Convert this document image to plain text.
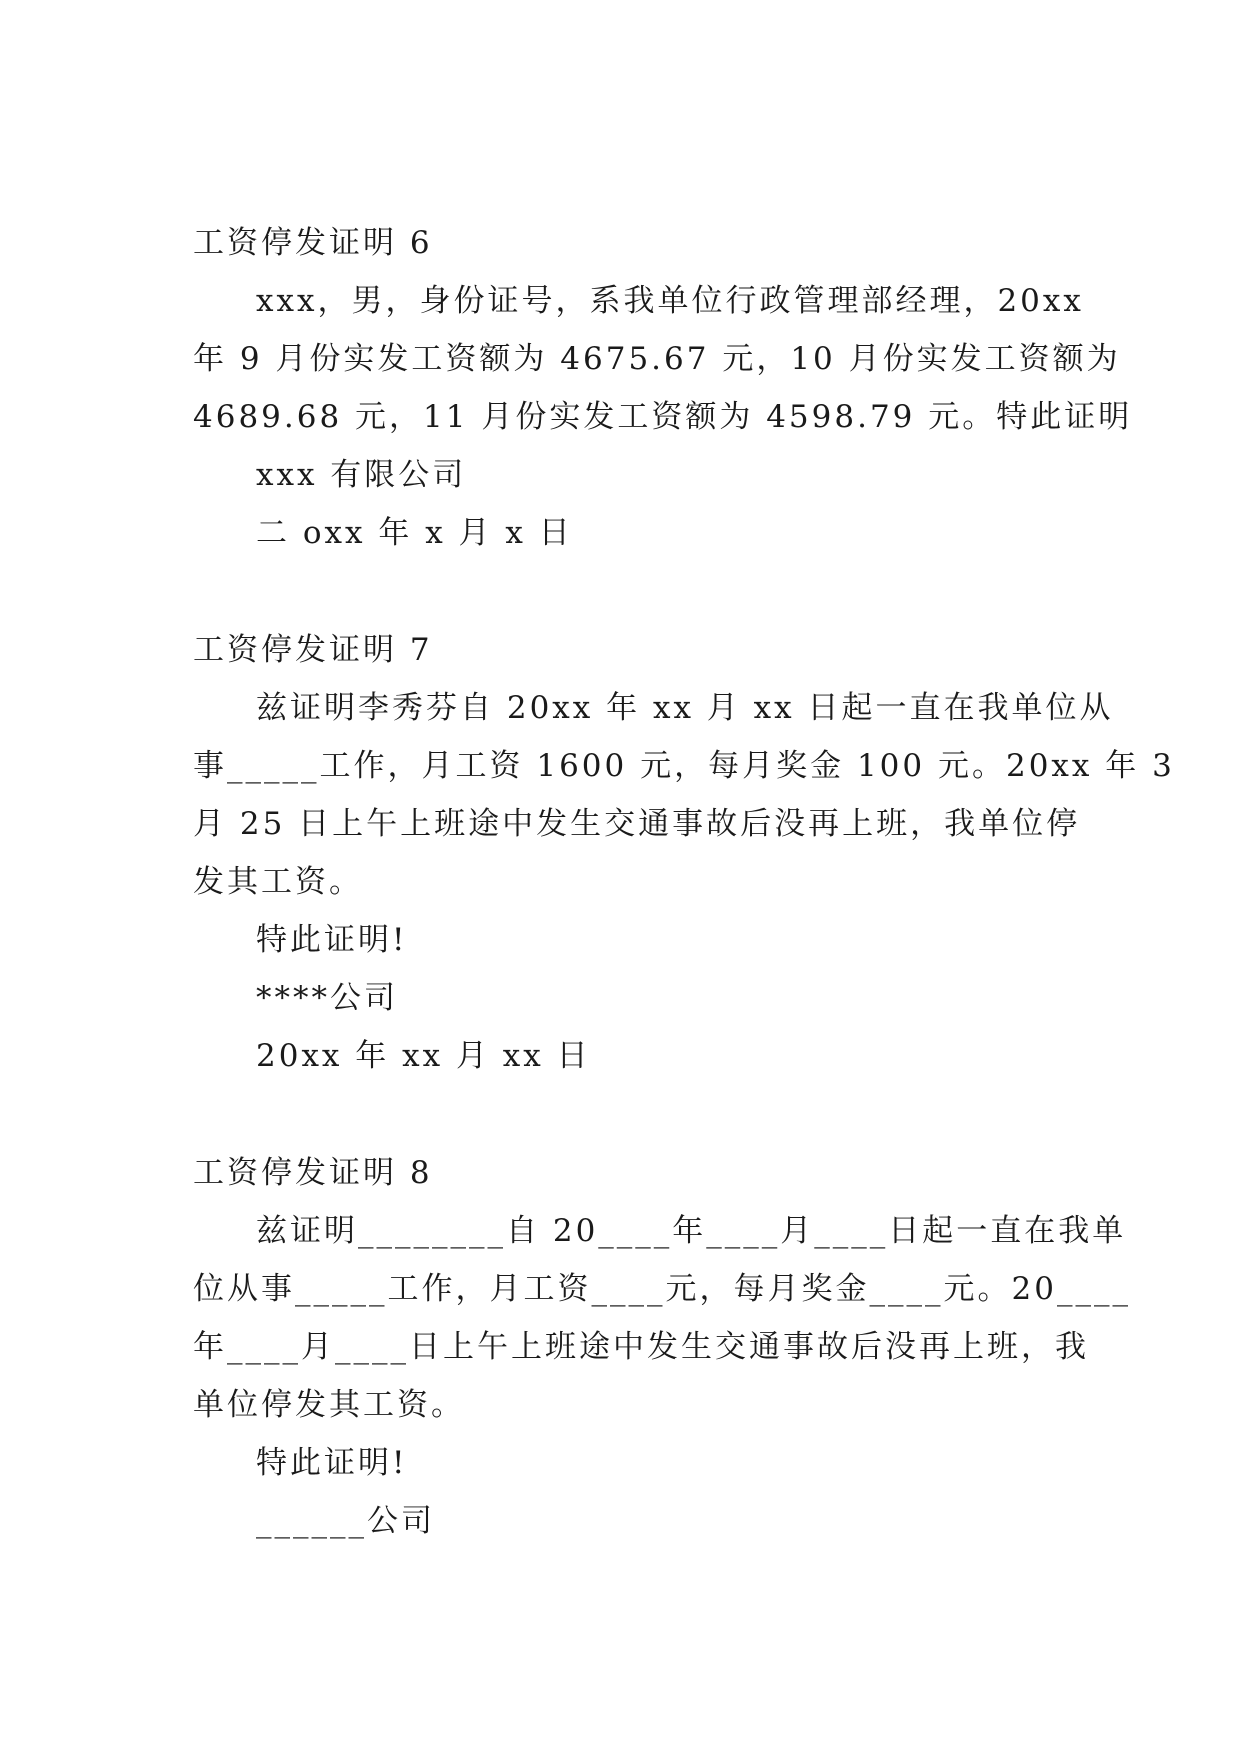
工资停发证明 6
xxx，男，身份证号，系我单位行政管理部经理，20xx
年 9 月份实发工资额为 4675.67 元，10 月份实发工资额为
4689.68 元，11 月份实发工资额为 4598.79 元。特此证明
xxx 有限公司
二 oxx 年 x 月 x 日
工资停发证明 7
兹证明李秀芬自 20xx 年 xx 月 xx 日起一直在我单位从
事_____工作，月工资 1600 元，每月奖金 100 元。20xx 年 3
月 25 日上午上班途中发生交通事故后没再上班，我单位停
发其工资。
特此证明!
****公司
20xx 年 xx 月 xx 日
工资停发证明 8
兹证明________自 20____年____月____日起一直在我单
位从事_____工作，月工资____元，每月奖金____元。20____
年____月____日上午上班途中发生交通事故后没再上班，我
单位停发其工资。
特此证明!
______公司
